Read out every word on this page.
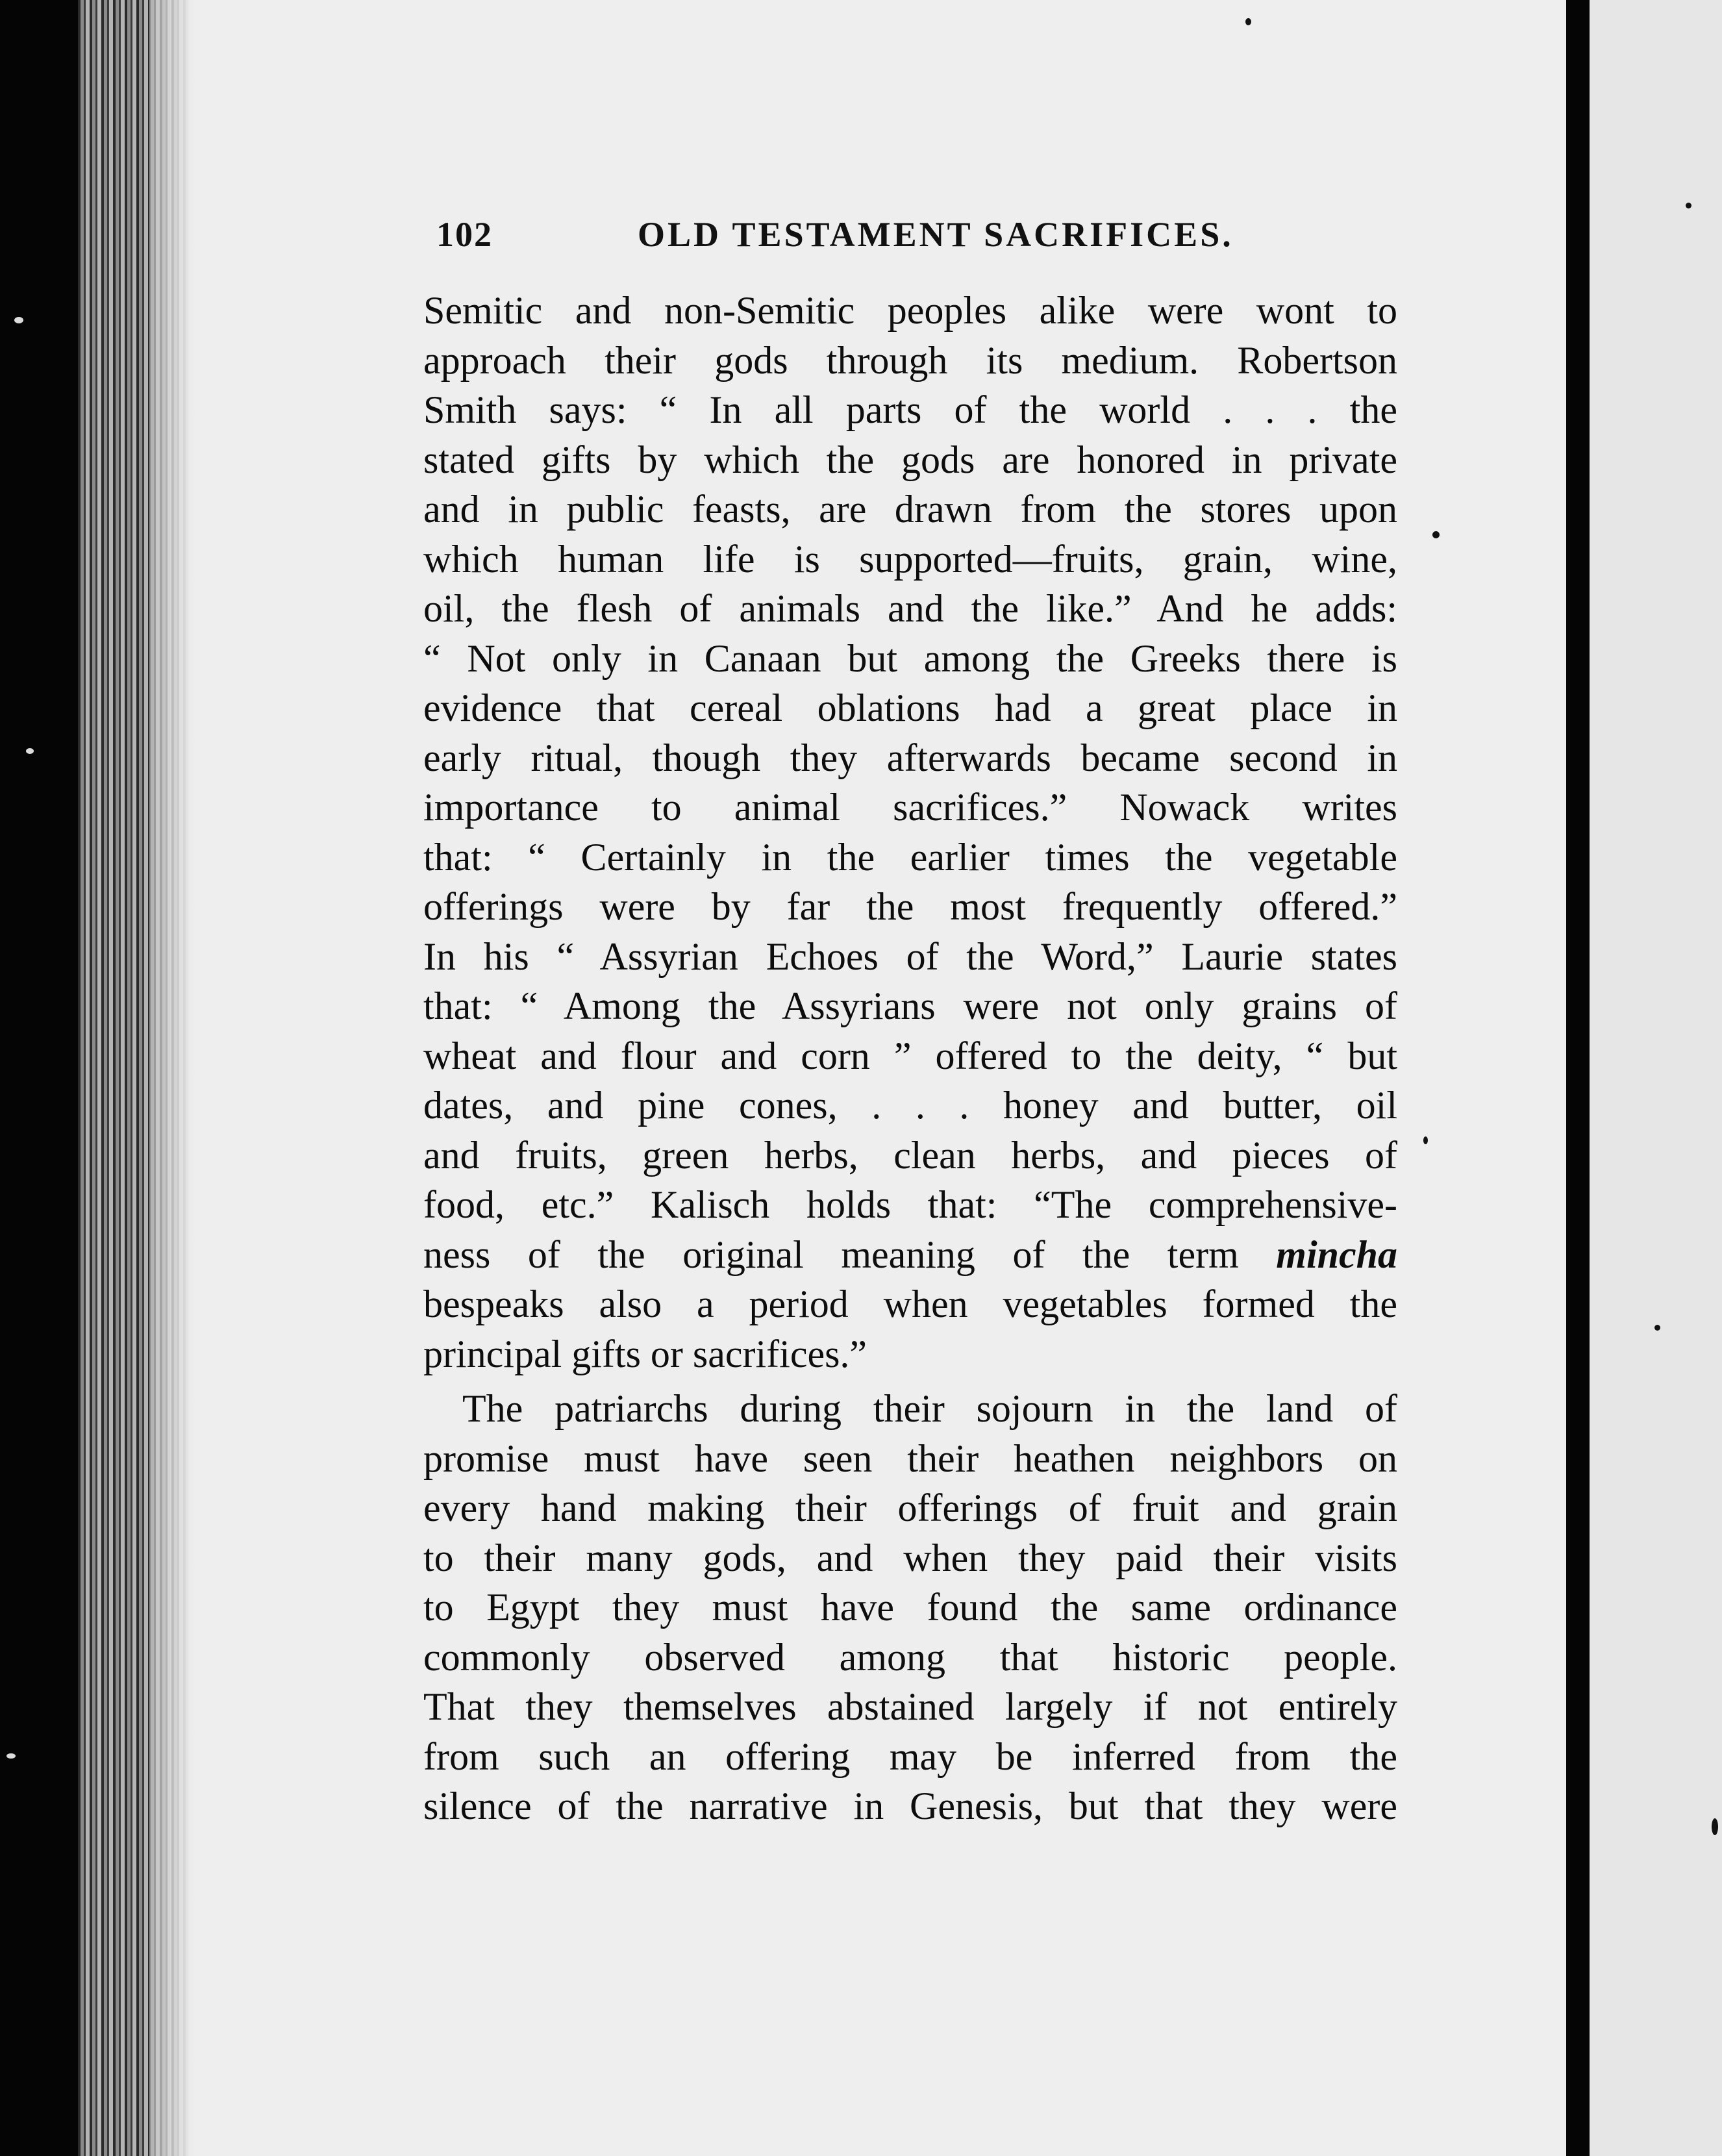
102	OLD TESTAMENT SACRIFICES.
Semitic and non-Semitic peoples alike were wont to
approach their gods through its medium. Robertson
Smith says: “ In all parts of the world . . . the
stated gifts by which the gods are honored in private
and in public feasts, are drawn from the stores upon
which human life is supported—fruits, grain, wine,
oil, the flesh of animals and the like.” And he adds:
“ Not only in Canaan but among the Greeks there is
evidence that cereal oblations had a great place in
early ritual, though they afterwards became second in
importance to animal sacrifices.” Nowack writes
that: “ Certainly in the earlier times the vegetable
offerings were by far the most frequently offered.”
In his “ Assyrian Echoes of the Word,” Laurie states
that: “ Among the Assyrians were not only grains of
wheat and flour and corn ” offered to the deity, “ but
dates, and pine cones, . . . honey and butter, oil
and fruits, green herbs, clean herbs, and pieces of
food, etc.” Kalisch holds that: “The comprehensive-
ness of the original meaning of the term mincha
bespeaks also a period when vegetables formed the
principal gifts or sacrifices.”
The patriarchs during their sojourn in the land of
promise must have seen their heathen neighbors on
every hand making their offerings of fruit and grain
to their many gods, and when they paid their visits
to Egypt they must have found the same ordinance
commonly observed among that historic people.
That they themselves abstained largely if not entirely
from such an offering may be inferred from the
silence of the narrative in Genesis, but that they were
